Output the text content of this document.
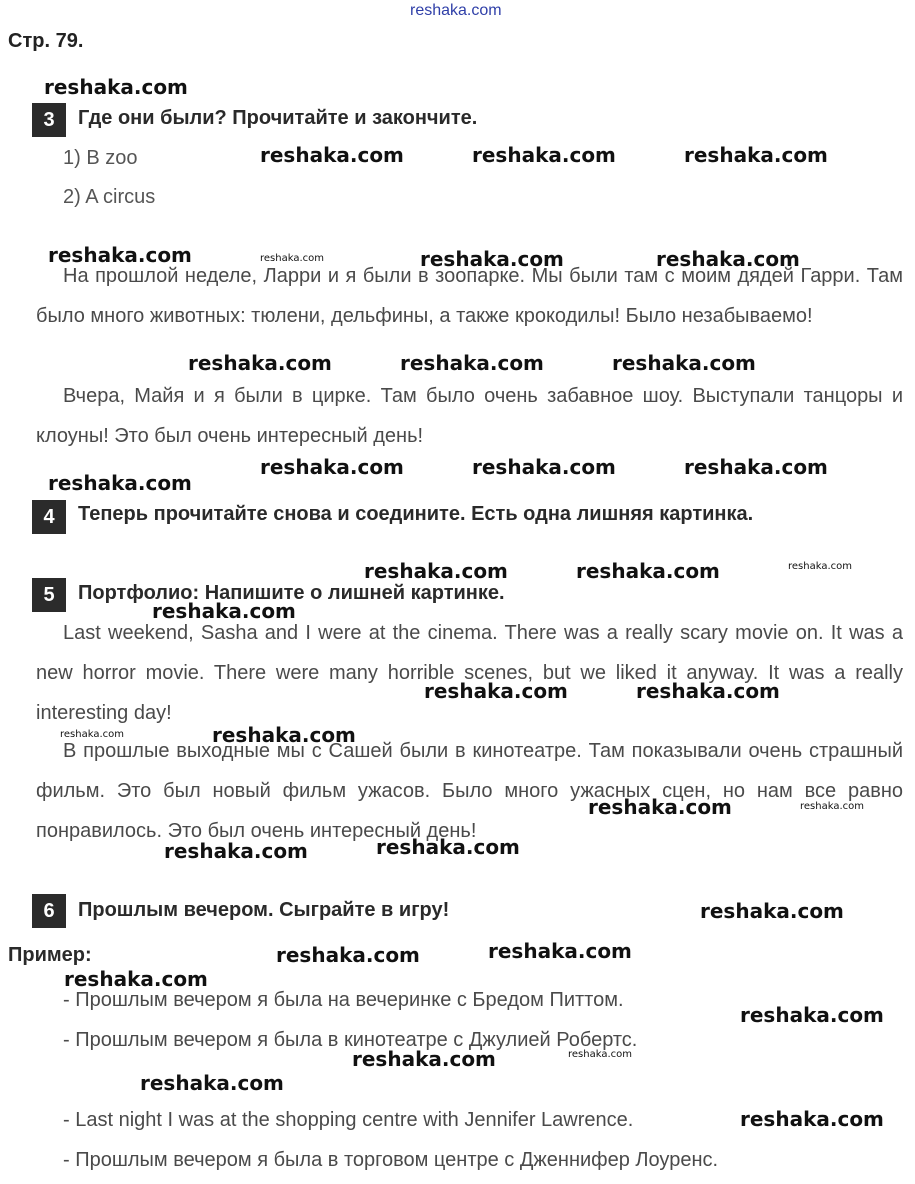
reshaka.com
Стр. 79.
3	Где они были? Прочитайте и закончите.
1) В zoo
2) A circus
На прошлой неделе, Ларри и я были в зоопарке. Мы были там с моим дядей Гарри. Там было много животных: тюлени, дельфины, а также крокодилы! Было незабываемо!
Вчера, Майя и я были в цирке. Там было очень забавное шоу. Выступали танцоры и клоуны! Это был очень интересный день!
4	Теперь прочитайте снова и соедините. Есть одна лишняя картинка.
5	Портфолио: Напишите о лишней картинке.
Last weekend, Sasha and I were at the cinema. There was a really scary movie on. It was a new horror movie. There were many horrible scenes, but we liked it anyway. It was a really interesting day!
В прошлые выходные мы с Сашей были в кинотеатре. Там показывали очень страшный фильм. Это был новый фильм ужасов. Было много ужасных сцен, но нам все равно понравилось. Это был очень интересный день!
6	Прошлым вечером. Сыграйте в игру!
Пример:
- Прошлым вечером я была на вечеринке с Бредом Питтом.
- Прошлым вечером я была в кинотеатре с Джулией Робертс.
- Last night I was at the shopping centre with Jennifer Lawrence.
- Прошлым вечером я была в торговом центре с Дженнифер Лоуренс.
reshaka.com
reshaka.com	reshaka.com	reshaka.com
reshaka.com	reshaka.com	reshaka.com	reshaka.com
reshaka.com	reshaka.com	reshaka.com
reshaka.com	reshaka.com	reshaka.com
reshaka.com
reshaka.com	reshaka.com	reshaka.com
reshaka.com
reshaka.com	reshaka.com
reshaka.com	reshaka.com
reshaka.com	reshaka.com
reshaka.com
reshaka.com
reshaka.com
reshaka.com
reshaka.com
reshaka.com
reshaka.com
reshaka.com	reshaka.com
reshaka.com
reshaka.com
